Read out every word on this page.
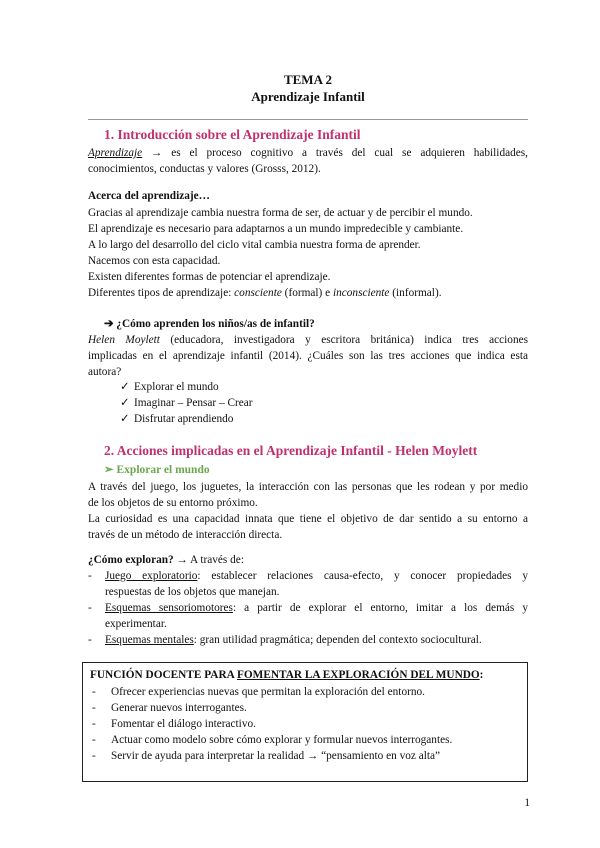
TEMA 2
Aprendizaje Infantil
1. Introducción sobre el Aprendizaje Infantil
Aprendizaje → es el proceso cognitivo a través del cual se adquieren habilidades,
conocimientos, conductas y valores (Grosss, 2012).
Acerca del aprendizaje…
Gracias al aprendizaje cambia nuestra forma de ser, de actuar y de percibir el mundo.
El aprendizaje es necesario para adaptarnos a un mundo impredecible y cambiante.
A lo largo del desarrollo del ciclo vital cambia nuestra forma de aprender.
Nacemos con esta capacidad.
Existen diferentes formas de potenciar el aprendizaje.
Diferentes tipos de aprendizaje: consciente (formal) e inconsciente (informal).
➔ ¿Cómo aprenden los niños/as de infantil?
Helen Moylett (educadora, investigadora y escritora británica) indica tres acciones
implicadas en el aprendizaje infantil (2014). ¿Cuáles son las tres acciones que indica esta
autora?
✓ Explorar el mundo
✓ Imaginar – Pensar – Crear
✓ Disfrutar aprendiendo
2. Acciones implicadas en el Aprendizaje Infantil - Helen Moylett
➢ Explorar el mundo
A través del juego, los juguetes, la interacción con las personas que les rodean y por medio
de los objetos de su entorno próximo.
La curiosidad es una capacidad innata que tiene el objetivo de dar sentido a su entorno a
través de un método de interacción directa.
¿Cómo exploran? → A través de:
- Juego exploratorio: establecer relaciones causa-efecto, y conocer propiedades y
respuestas de los objetos que manejan.
- Esquemas sensoriomotores: a partir de explorar el entorno, imitar a los demás y
experimentar.
- Esquemas mentales: gran utilidad pragmática; dependen del contexto sociocultural.
FUNCIÓN DOCENTE PARA FOMENTAR LA EXPLORACIÓN DEL MUNDO:
- Ofrecer experiencias nuevas que permitan la exploración del entorno.
- Generar nuevos interrogantes.
- Fomentar el diálogo interactivo.
- Actuar como modelo sobre cómo explorar y formular nuevos interrogantes.
- Servir de ayuda para interpretar la realidad → “pensamiento en voz alta”
1
